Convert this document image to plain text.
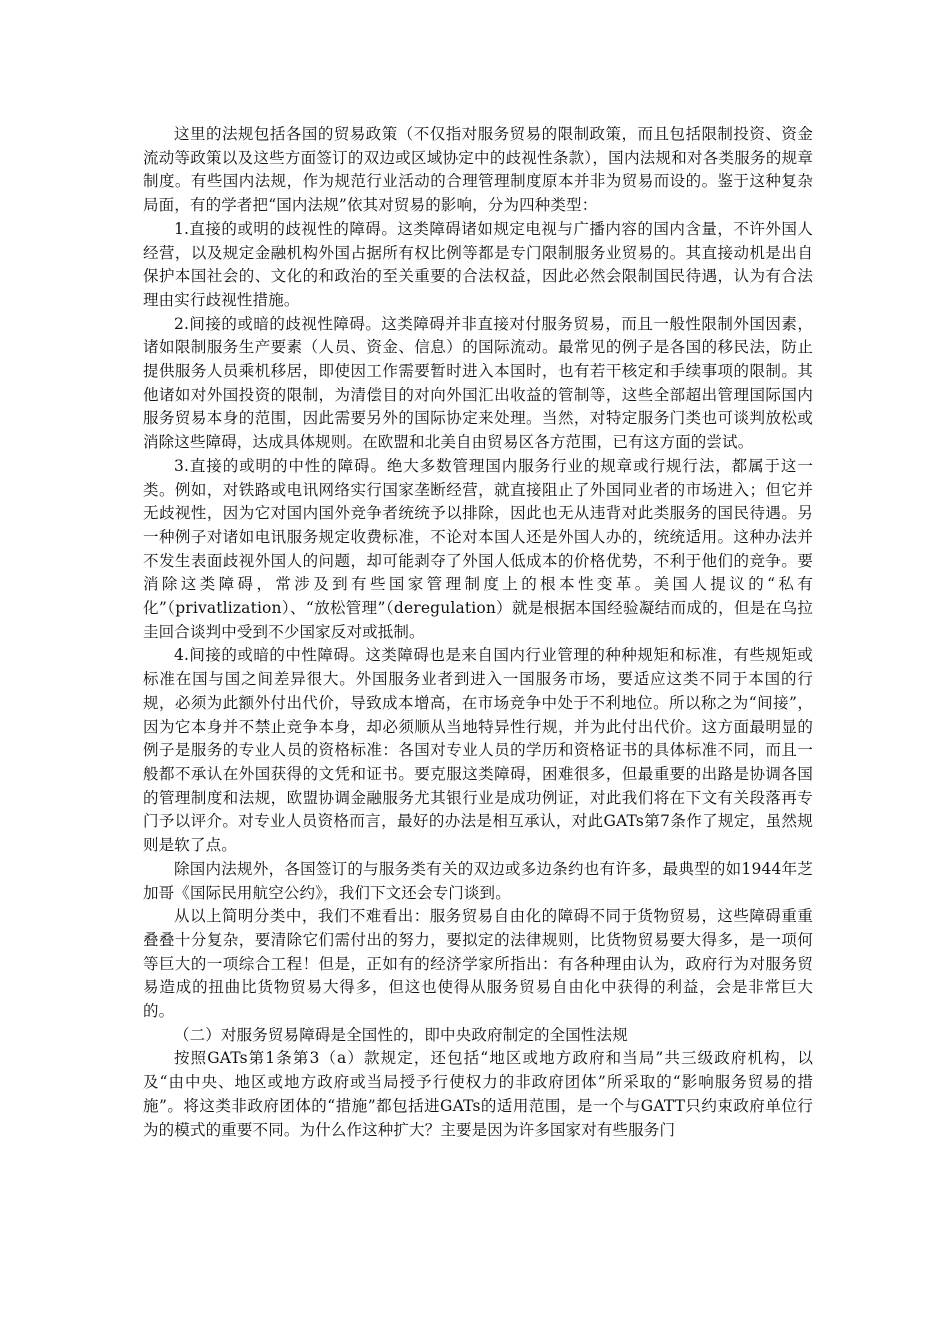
这里的法规包括各国的贸易政策（不仅指对服务贸易的限制政策，而且包括限制投资、资金流动等政策以及这些方面签订的双边或区域协定中的歧视性条款），国内法规和对各类服务的规章制度。有些国内法规，作为规范行业活动的合理管理制度原本并非为贸易而设的。鉴于这种复杂局面，有的学者把“国内法规”依其对贸易的影响，分为四种类型：

1.直接的或明的歧视性的障碍。这类障碍诸如规定电视与广播内容的国内含量，不许外国人经营，以及规定金融机构外国占据所有权比例等都是专门限制服务业贸易的。其直接动机是出自保护本国社会的、文化的和政治的至关重要的合法权益，因此必然会限制国民待遇，认为有合法理由实行歧视性措施。

2.间接的或暗的歧视性障碍。这类障碍并非直接对付服务贸易，而且一般性限制外国因素，诸如限制服务生产要素（人员、资金、信息）的国际流动。最常见的例子是各国的移民法，防止提供服务人员乘机移居，即使因工作需要暂时进入本国时，也有若干核定和手续事项的限制。其他诸如对外国投资的限制，为清偿目的对向外国汇出收益的管制等，这些全部超出管理国际国内服务贸易本身的范围，因此需要另外的国际协定来处理。当然，对特定服务门类也可谈判放松或消除这些障碍，达成具体规则。在欧盟和北美自由贸易区各方范围，已有这方面的尝试。

3.直接的或明的中性的障碍。绝大多数管理国内服务行业的规章或行规行法，都属于这一类。例如，对铁路或电讯网络实行国家垄断经营，就直接阻止了外国同业者的市场进入；但它并无歧视性，因为它对国内国外竞争者统统予以排除，因此也无从违背对此类服务的国民待遇。另一种例子对诸如电讯服务规定收费标准，不论对本国人还是外国人办的，统统适用。这种办法并不发生表面歧视外国人的问题，却可能剥夺了外国人低成本的价格优势，不利于他们的竞争。要消除这类障碍，常涉及到有些国家管理制度上的根本性变革。美国人提议的“私有化”（privatlization）、“放松管理”（deregulation）就是根据本国经验凝结而成的，但是在乌拉圭回合谈判中受到不少国家反对或抵制。

4.间接的或暗的中性障碍。这类障碍也是来自国内行业管理的种种规矩和标准，有些规矩或标准在国与国之间差异很大。外国服务业者到进入一国服务市场，要适应这类不同于本国的行规，必须为此额外付出代价，导致成本增高，在市场竞争中处于不利地位。所以称之为“间接”，因为它本身并不禁止竞争本身，却必须顺从当地特异性行规，并为此付出代价。这方面最明显的例子是服务的专业人员的资格标准：各国对专业人员的学历和资格证书的具体标准不同，而且一般都不承认在外国获得的文凭和证书。要克服这类障碍，困难很多，但最重要的出路是协调各国的管理制度和法规，欧盟协调金融服务尤其银行业是成功例证，对此我们将在下文有关段落再专门予以评介。对专业人员资格而言，最好的办法是相互承认，对此GATs第7条作了规定，虽然规则是软了点。

除国内法规外，各国签订的与服务类有关的双边或多边条约也有许多，最典型的如1944年芝加哥《国际民用航空公约》，我们下文还会专门谈到。

从以上简明分类中，我们不难看出：服务贸易自由化的障碍不同于货物贸易，这些障碍重重叠叠十分复杂，要清除它们需付出的努力，要拟定的法律规则，比货物贸易要大得多，是一项何等巨大的一项综合工程！但是，正如有的经济学家所指出：有各种理由认为，政府行为对服务贸易造成的扭曲比货物贸易大得多，但这也使得从服务贸易自由化中获得的利益，会是非常巨大的。

（二）对服务贸易障碍是全国性的，即中央政府制定的全国性法规

按照GATs第1条第3（a）款规定，还包括“地区或地方政府和当局”共三级政府机构，以及“由中央、地区或地方政府或当局授予行使权力的非政府团体”所采取的“影响服务贸易的措施”。将这类非政府团体的“措施”都包括进GATs的适用范围，是一个与GATT只约束政府单位行为的模式的重要不同。为什么作这种扩大？主要是因为许多国家对有些服务门
